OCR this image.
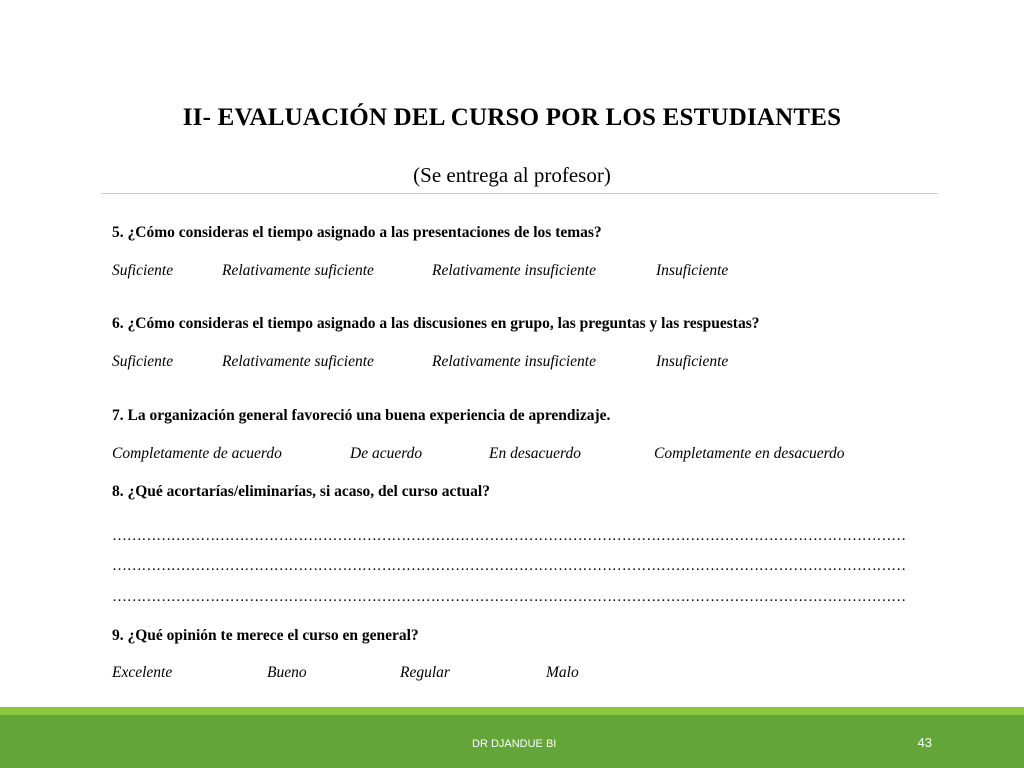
II- EVALUACIÓN DEL CURSO POR LOS ESTUDIANTES
(Se entrega al profesor)
5. ¿Cómo consideras el tiempo asignado a las presentaciones de los temas?
Suficiente	Relativamente suficiente	Relativamente insuficiente	Insuficiente
6. ¿Cómo consideras el tiempo asignado a las discusiones en grupo, las preguntas y las respuestas?
Suficiente	Relativamente suficiente	Relativamente insuficiente	Insuficiente
7. La organización general favoreció una buena experiencia de aprendizaje.
Completamente de acuerdo	De acuerdo	En desacuerdo	Completamente en desacuerdo
8. ¿Qué acortarías/eliminarías, si acaso, del curso actual?
………………………………………………………………………………………………………………………………………………
………………………………………………………………………………………………………………………………………………
………………………………………………………………………………………………………………………………………………
9. ¿Qué opinión te merece el curso en general?
Excelente	Bueno	Regular	Malo
DR DJANDUE BI	43
